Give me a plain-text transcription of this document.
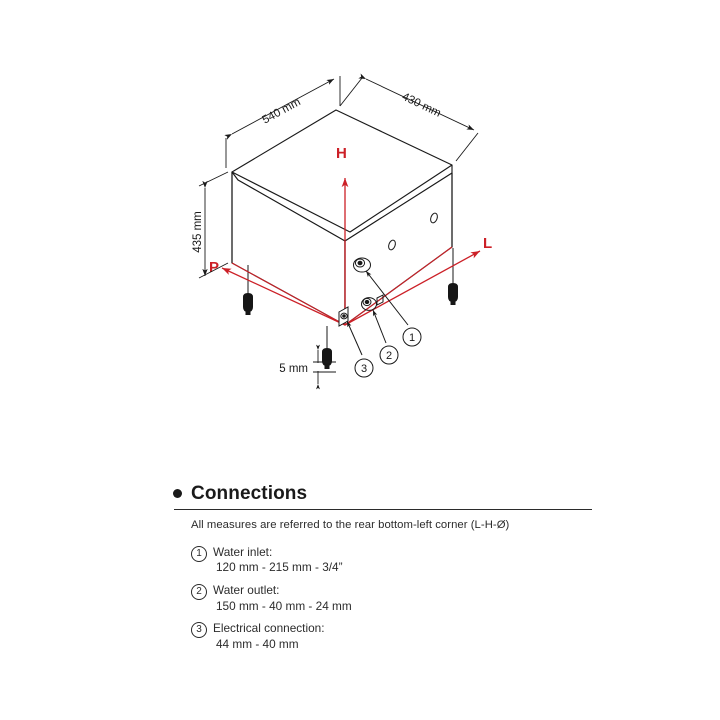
H
L
P
1
2
3
540 mm	430 mm
435 mm
5 mm
Connections
All measures are referred to the rear bottom-left corner (L-H-Ø)
1 Water inlet:
120 mm - 215 mm - 3/4”
2 Water outlet:
150 mm - 40 mm - 24 mm
3 Electrical connection:
44 mm - 40 mm
